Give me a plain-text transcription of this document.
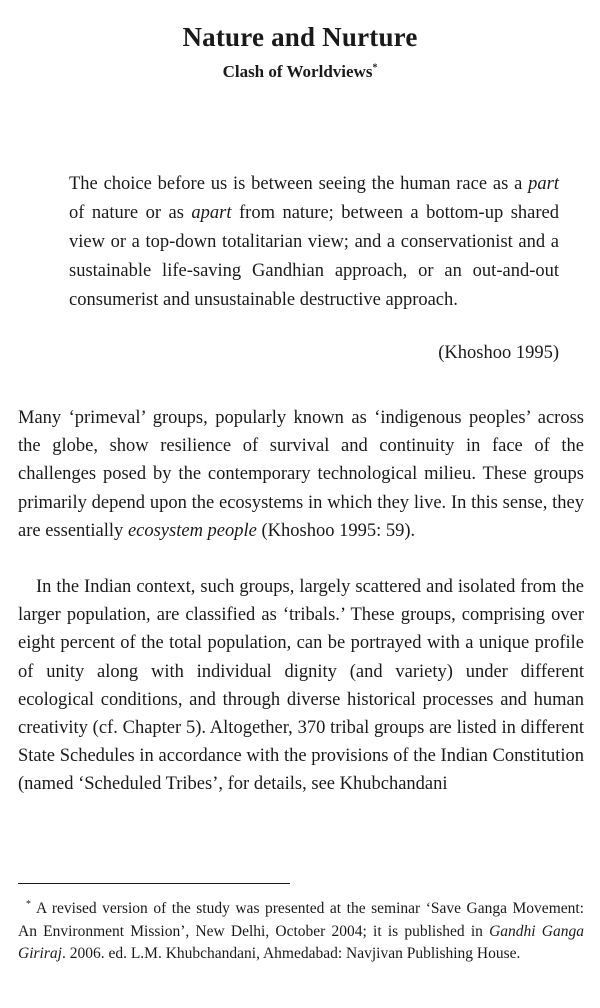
Nature and Nurture
Clash of Worldviews*

The choice before us is between seeing the human race as a part of nature or as apart from nature; between a bottom-up shared view or a top-down totalitarian view; and a conservationist and a sustainable life-saving Gandhian approach, or an out-and-out consumerist and unsustainable destructive approach.

(Khoshoo 1995)

Many ‘primeval’ groups, popularly known as ‘indigenous peoples’ across the globe, show resilience of survival and continuity in face of the challenges posed by the contemporary technological milieu. These groups primarily depend upon the ecosystems in which they live. In this sense, they are essentially ecosystem people (Khoshoo 1995: 59).

In the Indian context, such groups, largely scattered and isolated from the larger population, are classified as ‘tribals.’ These groups, comprising over eight percent of the total population, can be portrayed with a unique profile of unity along with individual dignity (and variety) under different ecological conditions, and through diverse historical processes and human creativity (cf. Chapter 5). Altogether, 370 tribal groups are listed in different State Schedules in accordance with the provisions of the Indian Constitution (named ‘Scheduled Tribes’, for details, see Khubchandani

* A revised version of the study was presented at the seminar ‘Save Ganga Movement: An Environment Mission’, New Delhi, October 2004; it is published in Gandhi Ganga Giriraj. 2006. ed. L.M. Khubchandani, Ahmedabad: Navjivan Publishing House.
